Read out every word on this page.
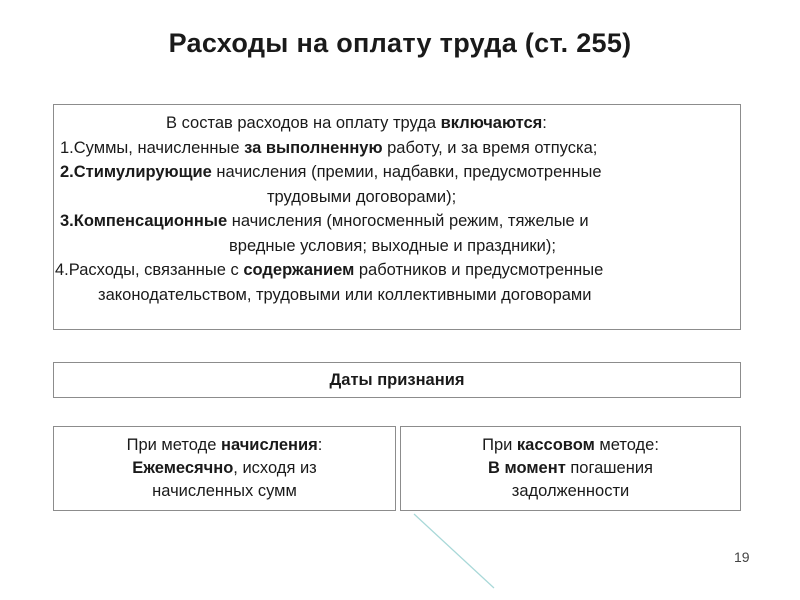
Расходы на оплату труда (ст. 255)
В состав расходов на оплату труда включаются:
1.Суммы, начисленные за выполненную работу, и за время отпуска;
2.Стимулирующие начисления (премии, надбавки, предусмотренные
трудовыми договорами);
3.Компенсационные начисления (многосменный режим, тяжелые и
вредные условия; выходные и праздники);
4.Расходы, связанные с содержанием работников и предусмотренные
законодательством, трудовыми или коллективными договорами
Даты признания
При методе начисления:
Ежемесячно, исходя из
начисленных сумм
При кассовом методе:
В момент погашения
задолженности
19
